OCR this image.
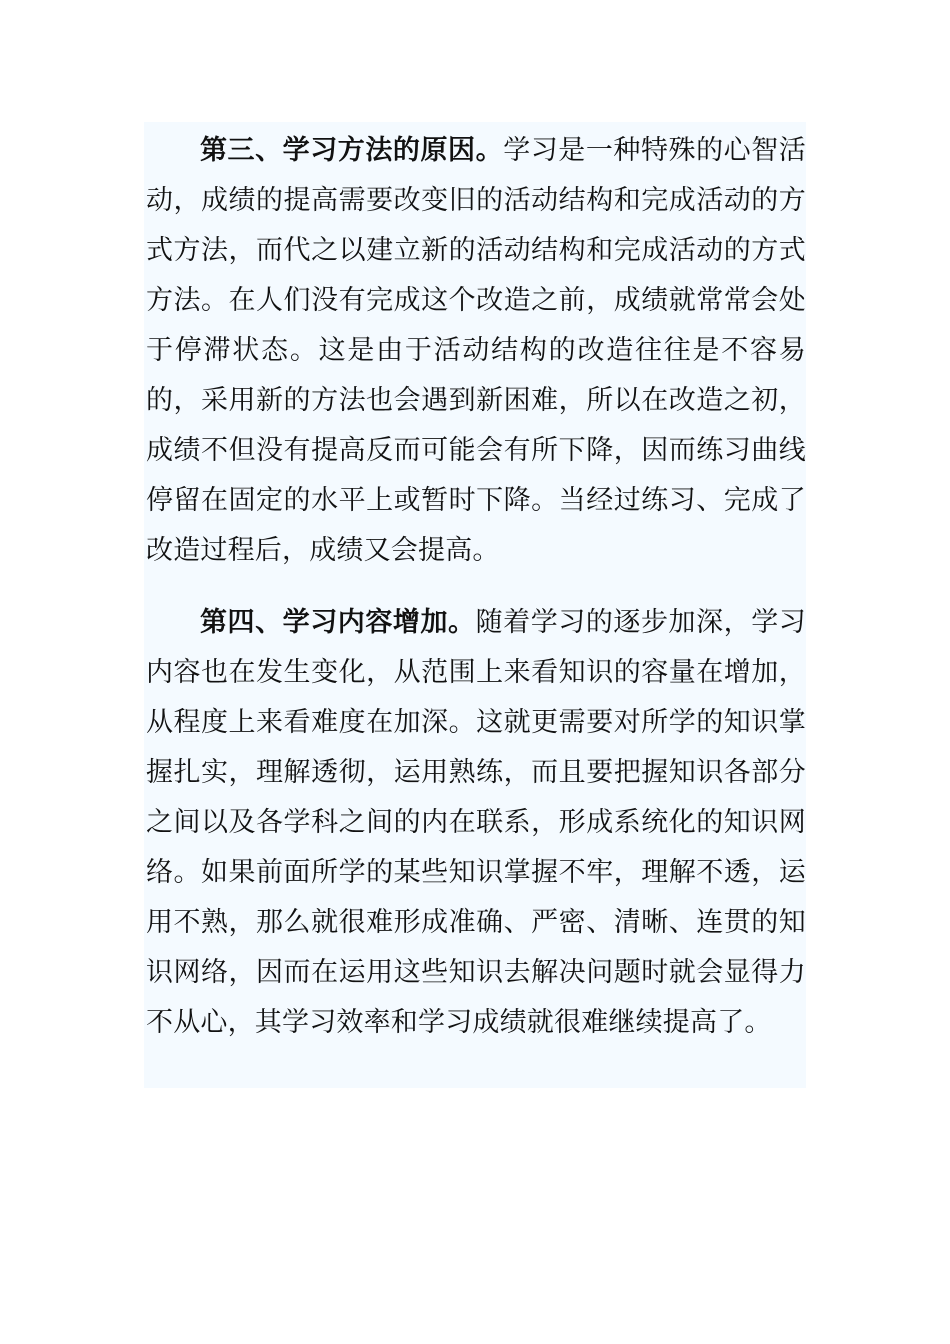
第三、学习方法的原因。学习是一种特殊的心智活动，成绩的提高需要改变旧的活动结构和完成活动的方式方法，而代之以建立新的活动结构和完成活动的方式方法。在人们没有完成这个改造之前，成绩就常常会处于停滞状态。这是由于活动结构的改造往往是不容易的，采用新的方法也会遇到新困难，所以在改造之初，成绩不但没有提高反而可能会有所下降，因而练习曲线停留在固定的水平上或暂时下降。当经过练习、完成了改造过程后，成绩又会提高。

第四、学习内容增加。随着学习的逐步加深，学习内容也在发生变化，从范围上来看知识的容量在增加，从程度上来看难度在加深。这就更需要对所学的知识掌握扎实，理解透彻，运用熟练，而且要把握知识各部分之间以及各学科之间的内在联系，形成系统化的知识网络。如果前面所学的某些知识掌握不牢，理解不透，运用不熟，那么就很难形成准确、严密、清晰、连贯的知识网络，因而在运用这些知识去解决问题时就会显得力不从心，其学习效率和学习成绩就很难继续提高了。
